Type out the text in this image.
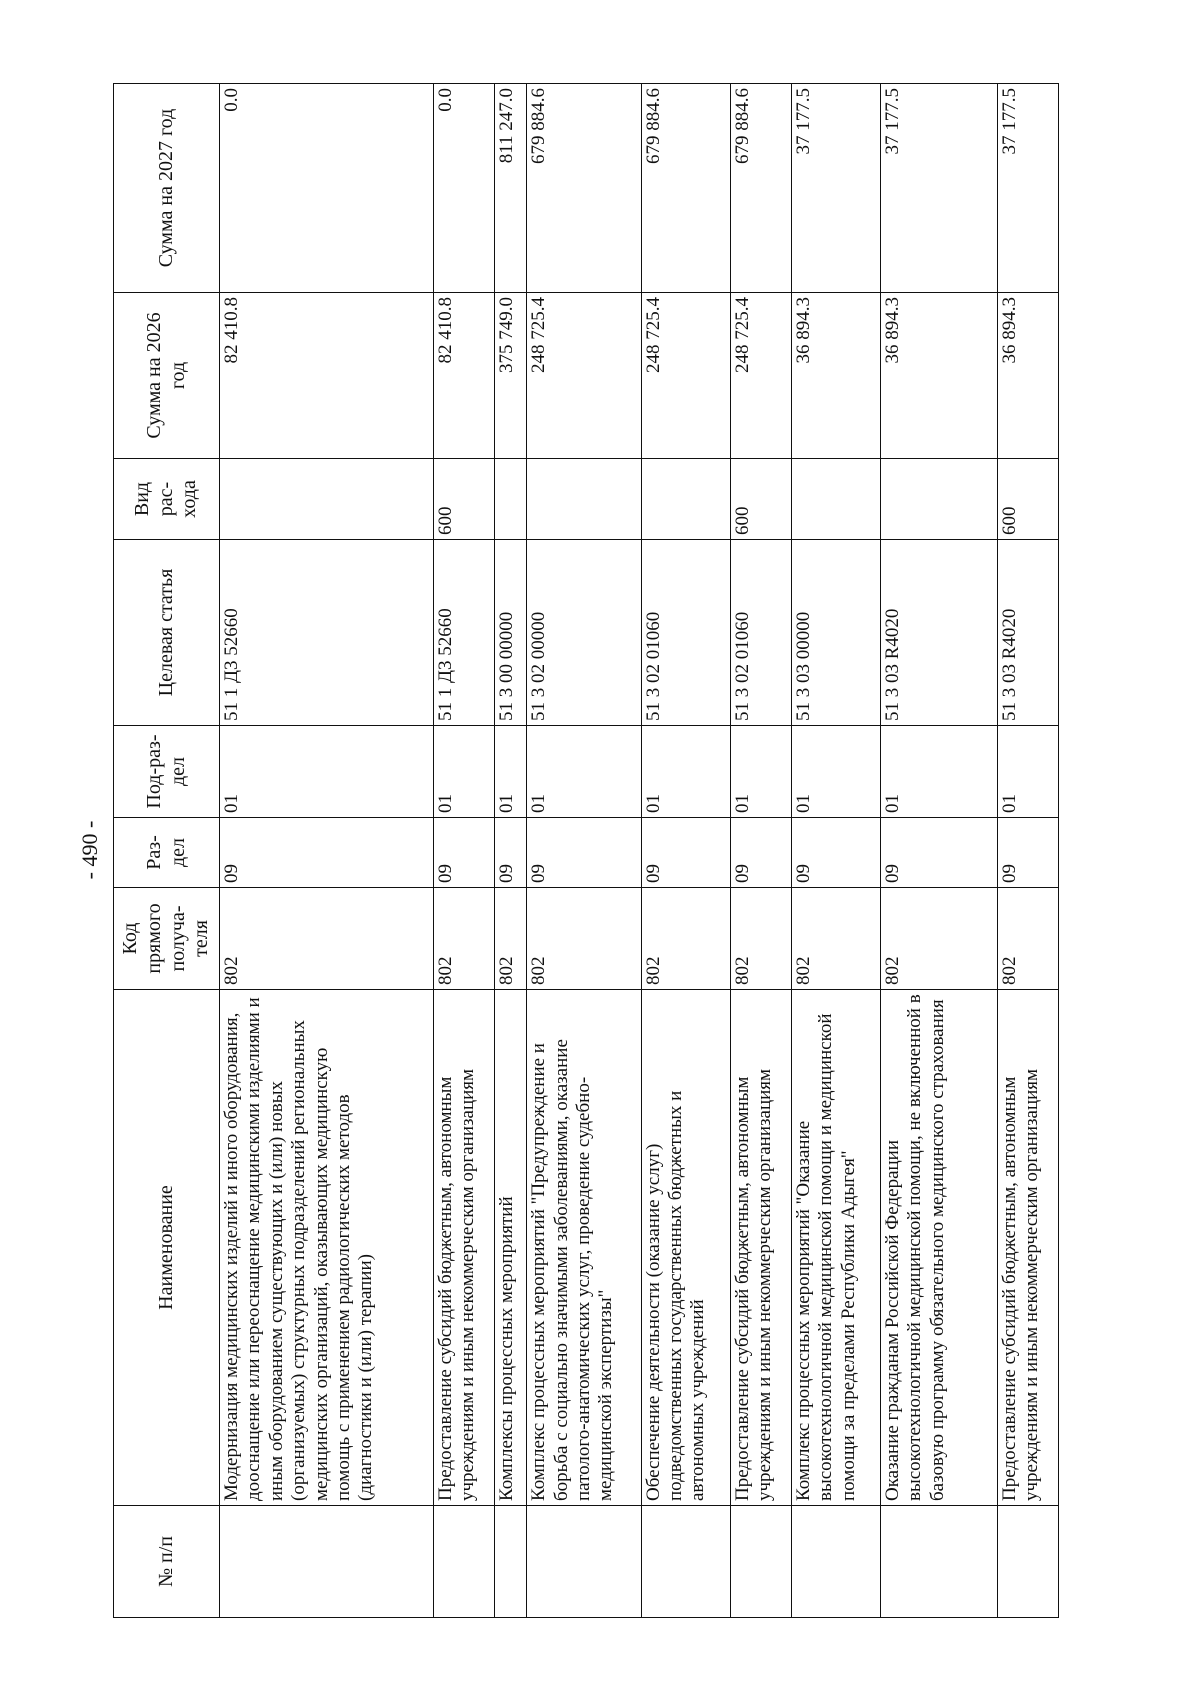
- 490 -
№ п/п	Наименование	Код прямого получа-теля	Раз-дел	Под-раз-дел	Целевая статья	Вид рас-хода	Сумма на 2026 год	Сумма на 2027 год
	Модернизация медицинских изделий и иного оборудования, дооснащение или переоснащение медицинскими изделиями и иным оборудованием существующих и (или) новых (организуемых) структурных подразделений региональных медицинских организаций, оказывающих медицинскую помощь с применением радиологических методов (диагностики и (или) терапии)	802	09	01	51 1 Д3 52660		82 410.8	0.0
	Предоставление субсидий бюджетным, автономным учреждениям и иным некоммерческим организациям	802	09	01	51 1 Д3 52660	600	82 410.8	0.0
	Комплексы процессных мероприятий	802	09	01	51 3 00 00000		375 749.0	811 247.0
	Комплекс процессных мероприятий "Предупреждение и борьба с социально значимыми заболеваниями, оказание патолого-анатомических услуг, проведение судебно-медицинской экспертизы"	802	09	01	51 3 02 00000		248 725.4	679 884.6
	Обеспечение деятельности (оказание услуг) подведомственных государственных бюджетных и автономных учреждений	802	09	01	51 3 02 01060		248 725.4	679 884.6
	Предоставление субсидий бюджетным, автономным учреждениям и иным некоммерческим организациям	802	09	01	51 3 02 01060	600	248 725.4	679 884.6
	Комплекс процессных мероприятий "Оказание высокотехнологичной медицинской помощи и медицинской помощи за пределами Республики Адыгея"	802	09	01	51 3 03 00000		36 894.3	37 177.5
	Оказание гражданам Российской Федерации высокотехнологичной медицинской помощи, не включенной в базовую программу обязательного медицинского страхования	802	09	01	51 3 03 R4020		36 894.3	37 177.5
	Предоставление субсидий бюджетным, автономным учреждениям и иным некоммерческим организациям	802	09	01	51 3 03 R4020	600	36 894.3	37 177.5
